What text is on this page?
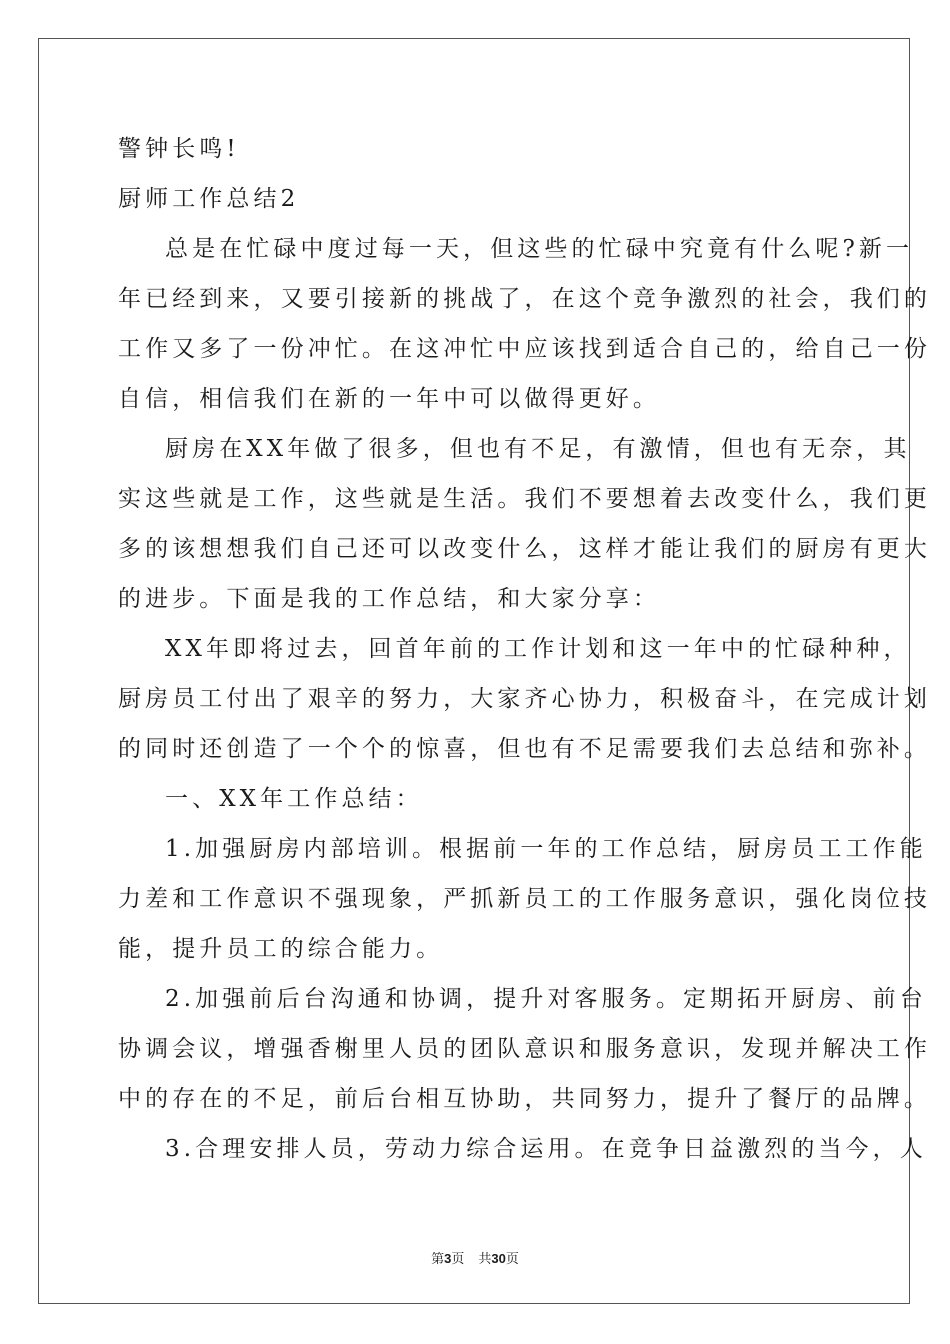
警钟长鸣!
厨师工作总结2
总是在忙碌中度过每一天，但这些的忙碌中究竟有什么呢?新一
年已经到来，又要引接新的挑战了，在这个竞争激烈的社会，我们的
工作又多了一份冲忙。在这冲忙中应该找到适合自己的，给自己一份
自信，相信我们在新的一年中可以做得更好。
厨房在XX年做了很多，但也有不足，有激情，但也有无奈，其
实这些就是工作，这些就是生活。我们不要想着去改变什么，我们更
多的该想想我们自己还可以改变什么，这样才能让我们的厨房有更大
的进步。下面是我的工作总结，和大家分享：
XX年即将过去，回首年前的工作计划和这一年中的忙碌种种，
厨房员工付出了艰辛的努力，大家齐心协力，积极奋斗，在完成计划
的同时还创造了一个个的惊喜，但也有不足需要我们去总结和弥补。
一、XX年工作总结：
1.加强厨房内部培训。根据前一年的工作总结，厨房员工工作能
力差和工作意识不强现象，严抓新员工的工作服务意识，强化岗位技
能，提升员工的综合能力。
2.加强前后台沟通和协调，提升对客服务。定期拓开厨房、前台
协调会议，增强香榭里人员的团队意识和服务意识，发现并解决工作
中的存在的不足，前后台相互协助，共同努力，提升了餐厅的品牌。
3.合理安排人员，劳动力综合运用。在竞争日益激烈的当今，人
第3页 共30页
